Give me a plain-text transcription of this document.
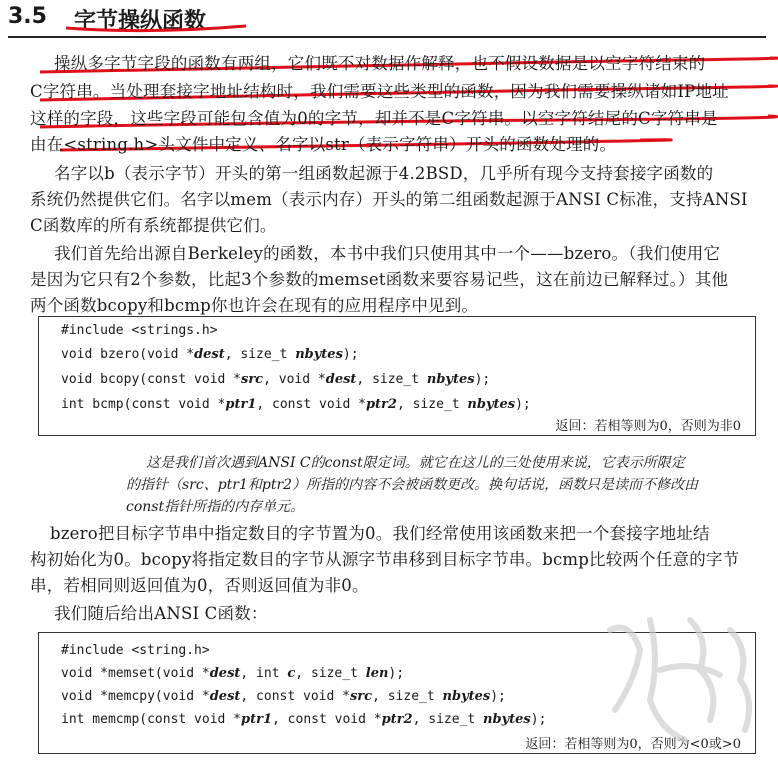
3.5 字节操纵函数
操纵多字节字段的函数有两组，它们既不对数据作解释，也不假设数据是以空字符结束的
C字符串。当处理套接字地址结构时，我们需要这些类型的函数，因为我们需要操纵诸如IP地址
这样的字段，这些字段可能包含值为0的字节，却并不是C字符串。以空字符结尾的C字符串是
由在<string.h>头文件中定义、名字以str（表示字符串）开头的函数处理的。
名字以b（表示字节）开头的第一组函数起源于4.2BSD，几乎所有现今支持套接字函数的
系统仍然提供它们。名字以mem（表示内存）开头的第二组函数起源于ANSI C标准，支持ANSI
C函数库的所有系统都提供它们。
我们首先给出源自Berkeley的函数，本书中我们只使用其中一个——bzero。（我们使用它
是因为它只有2个参数，比起3个参数的memset函数来要容易记些，这在前边已解释过。）其他
两个函数bcopy和bcmp你也许会在现有的应用程序中见到。
#include <strings.h>
void bzero(void *dest, size_t nbytes);
void bcopy(const void *src, void *dest, size_t nbytes);
int bcmp(const void *ptr1, const void *ptr2, size_t nbytes);
返回：若相等则为0，否则为非0
这是我们首次遇到ANSI C的const限定词。就它在这儿的三处使用来说，它表示所限定
的指针（src、ptr1和ptr2）所指的内容不会被函数更改。换句话说，函数只是读而不修改由
const指针所指的内存单元。
bzero把目标字节串中指定数目的字节置为0。我们经常使用该函数来把一个套接字地址结
构初始化为0。bcopy将指定数目的字节从源字节串移到目标字节串。bcmp比较两个任意的字节
串，若相同则返回值为0，否则返回值为非0。
我们随后给出ANSI C函数：
#include <string.h>
void *memset(void *dest, int c, size_t len);
void *memcpy(void *dest, const void *src, size_t nbytes);
int memcmp(const void *ptr1, const void *ptr2, size_t nbytes);
返回：若相等则为0，否则为<0或>0
